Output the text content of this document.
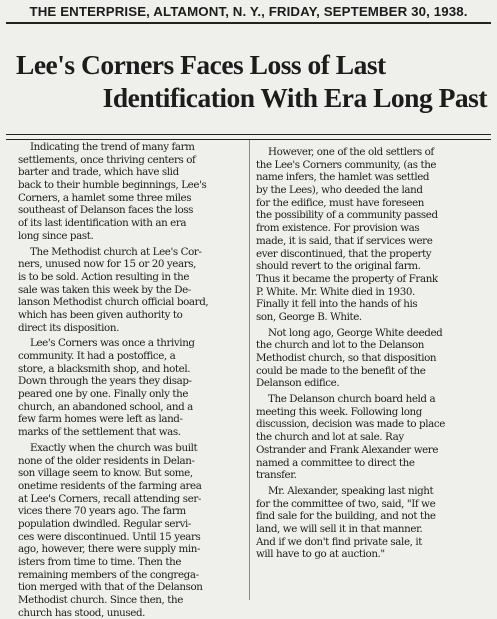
THE ENTERPRISE, ALTAMONT, N. Y., FRIDAY, SEPTEMBER 30, 1938.
Lee's Corners Faces Loss of Last
Identification With Era Long Past
Indicating the trend of many farm
settlements, once thriving centers of
barter and trade, which have slid
back to their humble beginnings, Lee's
Corners, a hamlet some three miles
southeast of Delanson faces the loss
of its last identification with an era
long since past.
The Methodist church at Lee's Cor-
ners, unused now for 15 or 20 years,
is to be sold. Action resulting in the
sale was taken this week by the De-
lanson Methodist church official board,
which has been given authority to
direct its disposition.
Lee's Corners was once a thriving
community. It had a postoffice, a
store, a blacksmith shop, and hotel.
Down through the years they disap-
peared one by one. Finally only the
church, an abandoned school, and a
few farm homes were left as land-
marks of the settlement that was.
Exactly when the church was built
none of the older residents in Delan-
son village seem to know. But some,
onetime residents of the farming area
at Lee's Corners, recall attending ser-
vices there 70 years ago. The farm
population dwindled. Regular servi-
ces were discontinued. Until 15 years
ago, however, there were supply min-
isters from time to time. Then the
remaining members of the congrega-
tion merged with that of the Delanson
Methodist church. Since then, the
church has stood, unused.
However, one of the old settlers of
the Lee's Corners community, (as the
name infers, the hamlet was settled
by the Lees), who deeded the land
for the edifice, must have foreseen
the possibility of a community passed
from existence. For provision was
made, it is said, that if services were
ever discontinued, that the property
should revert to the original farm.
Thus it became the property of Frank
P. White. Mr. White died in 1930.
Finally it fell into the hands of his
son, George B. White.
Not long ago, George White deeded
the church and lot to the Delanson
Methodist church, so that disposition
could be made to the benefit of the
Delanson edifice.
The Delanson church board held a
meeting this week. Following long
discussion, decision was made to place
the church and lot at sale. Ray
Ostrander and Frank Alexander were
named a committee to direct the
transfer.
Mr. Alexander, speaking last night
for the committee of two, said, "If we
find sale for the building, and not the
land, we will sell it in that manner.
And if we don't find private sale, it
will have to go at auction."
